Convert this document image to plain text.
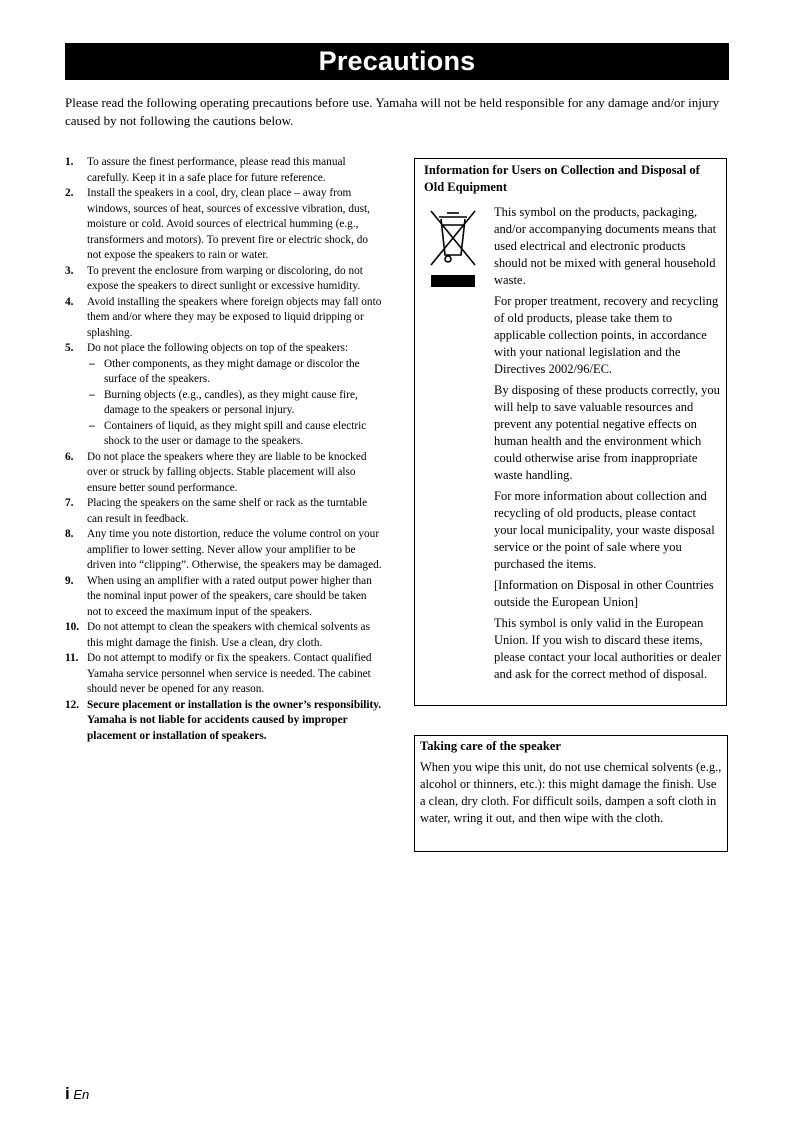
Precautions
Please read the following operating precautions before use. Yamaha will not be held responsible for any damage and/or injury caused by not following the cautions below.
1. To assure the finest performance, please read this manual carefully. Keep it in a safe place for future reference.
2. Install the speakers in a cool, dry, clean place – away from windows, sources of heat, sources of excessive vibration, dust, moisture or cold. Avoid sources of electrical humming (e.g., transformers and motors). To prevent fire or electric shock, do not expose the speakers to rain or water.
3. To prevent the enclosure from warping or discoloring, do not expose the speakers to direct sunlight or excessive humidity.
4. Avoid installing the speakers where foreign objects may fall onto them and/or where they may be exposed to liquid dripping or splashing.
5. Do not place the following objects on top of the speakers:
– Other components, as they might damage or discolor the surface of the speakers.
– Burning objects (e.g., candles), as they might cause fire, damage to the speakers or personal injury.
– Containers of liquid, as they might spill and cause electric shock to the user or damage to the speakers.
6. Do not place the speakers where they are liable to be knocked over or struck by falling objects. Stable placement will also ensure better sound performance.
7. Placing the speakers on the same shelf or rack as the turntable can result in feedback.
8. Any time you note distortion, reduce the volume control on your amplifier to lower setting. Never allow your amplifier to be driven into “clipping”. Otherwise, the speakers may be damaged.
9. When using an amplifier with a rated output power higher than the nominal input power of the speakers, care should be taken not to exceed the maximum input of the speakers.
10. Do not attempt to clean the speakers with chemical solvents as this might damage the finish. Use a clean, dry cloth.
11. Do not attempt to modify or fix the speakers. Contact qualified Yamaha service personnel when service is needed. The cabinet should never be opened for any reason.
12. Secure placement or installation is the owner’s responsibility. Yamaha is not liable for accidents caused by improper placement or installation of speakers.
Information for Users on Collection and Disposal of Old Equipment

This symbol on the products, packaging, and/or accompanying documents means that used electrical and electronic products should not be mixed with general household waste.

For proper treatment, recovery and recycling of old products, please take them to applicable collection points, in accordance with your national legislation and the Directives 2002/96/EC.

By disposing of these products correctly, you will help to save valuable resources and prevent any potential negative effects on human health and the environment which could otherwise arise from inappropriate waste handling.

For more information about collection and recycling of old products, please contact your local municipality, your waste disposal service or the point of sale where you purchased the items.

[Information on Disposal in other Countries outside the European Union]

This symbol is only valid in the European Union. If you wish to discard these items, please contact your local authorities or dealer and ask for the correct method of disposal.

Taking care of the speaker
When you wipe this unit, do not use chemical solvents (e.g., alcohol or thinners, etc.): this might damage the finish. Use a clean, dry cloth. For difficult soils, dampen a soft cloth in water, wring it out, and then wipe with the cloth.
i En
